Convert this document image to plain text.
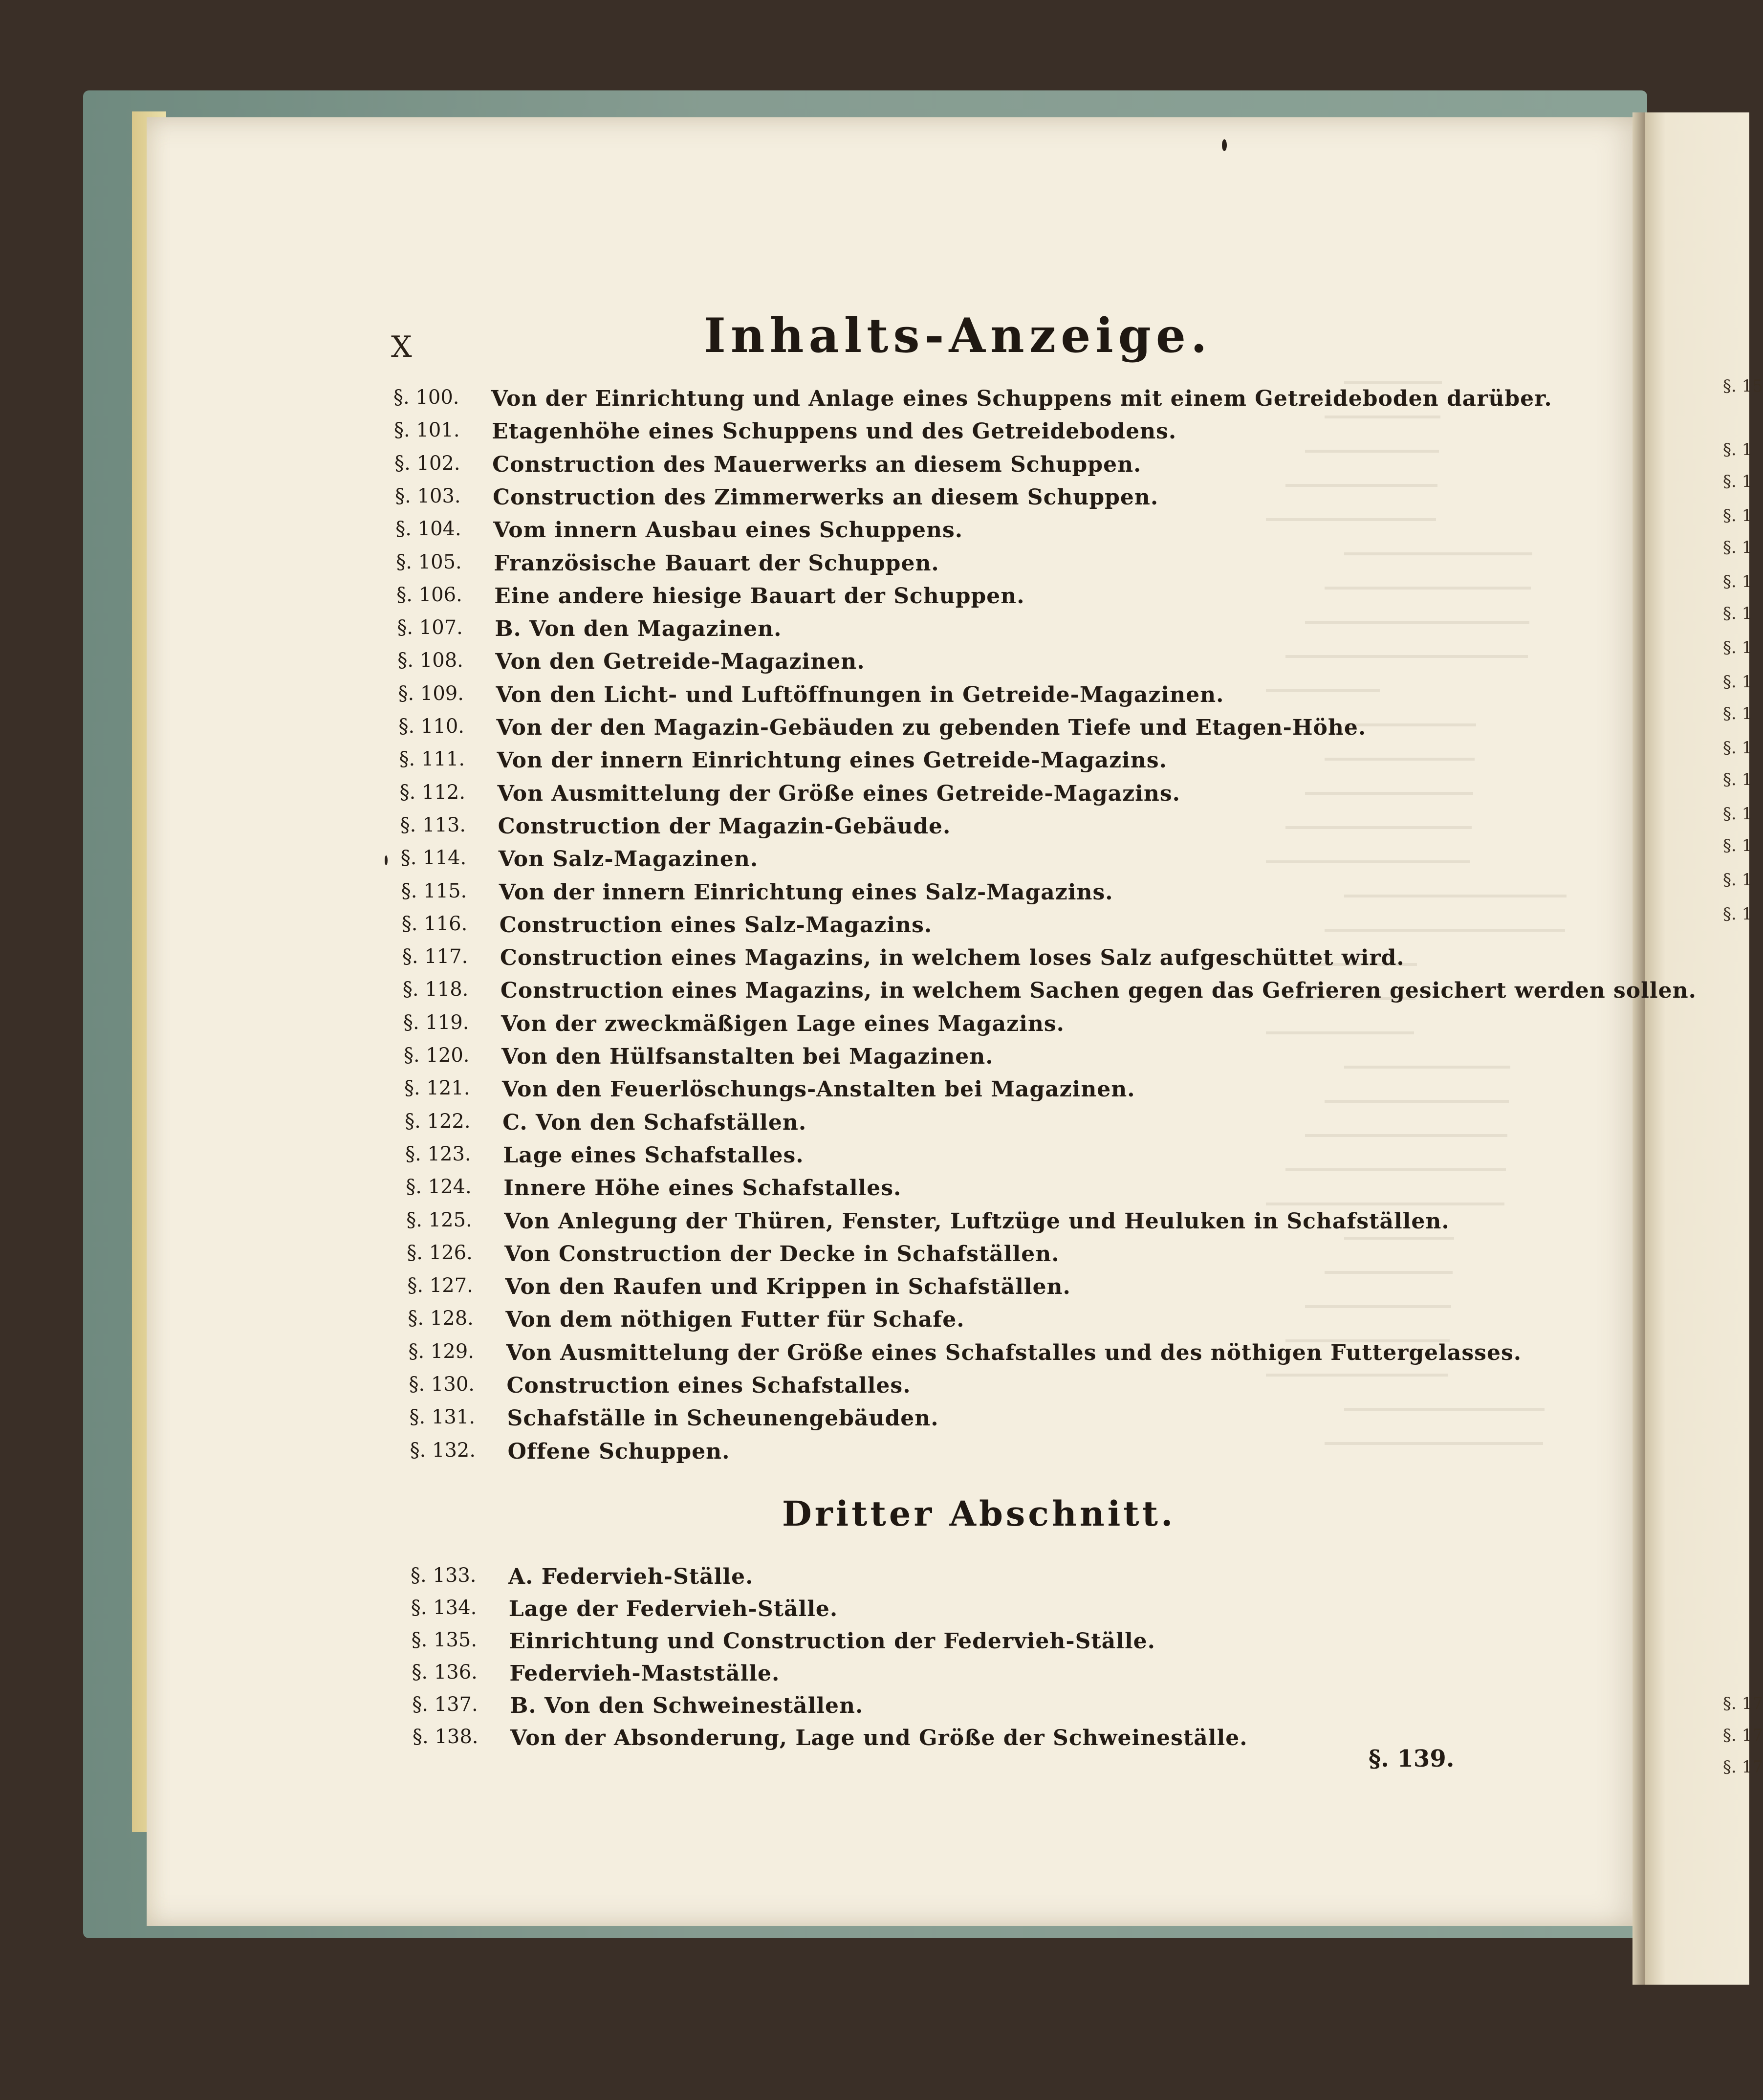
X	Inhalts-Anzeige.
§. 100. Von der Einrichtung und Anlage eines Schuppens mit einem Getreideboden darüber.
§. 101. Etagenhöhe eines Schuppens und des Getreidebodens.
§. 102. Construction des Mauerwerks an diesem Schuppen.
§. 103. Construction des Zimmerwerks an diesem Schuppen.
§. 104. Vom innern Ausbau eines Schuppens.
§. 105. Französische Bauart der Schuppen.
§. 106. Eine andere hiesige Bauart der Schuppen.
§. 107. B. Von den Magazinen.
§. 108. Von den Getreide-Magazinen.
§. 109. Von den Licht- und Luftöffnungen in Getreide-Magazinen.
§. 110. Von der den Magazin-Gebäuden zu gebenden Tiefe und Etagen-Höhe.
§. 111. Von der innern Einrichtung eines Getreide-Magazins.
§. 112. Von Ausmittelung der Größe eines Getreide-Magazins.
§. 113. Construction der Magazin-Gebäude.
§. 114. Von Salz-Magazinen.
§. 115. Von der innern Einrichtung eines Salz-Magazins.
§. 116. Construction eines Salz-Magazins.
§. 117. Construction eines Magazins, in welchem loses Salz aufgeschüttet wird.
§. 118. Construction eines Magazins, in welchem Sachen gegen das Gefrieren gesichert werden sollen.
§. 119. Von der zweckmäßigen Lage eines Magazins.
§. 120. Von den Hülfsanstalten bei Magazinen.
§. 121. Von den Feuerlöschungs-Anstalten bei Magazinen.
§. 122. C. Von den Schafställen.
§. 123. Lage eines Schafstalles.
§. 124. Innere Höhe eines Schafstalles.
§. 125. Von Anlegung der Thüren, Fenster, Luftzüge und Heuluken in Schafställen.
§. 126. Von Construction der Decke in Schafställen.
§. 127. Von den Raufen und Krippen in Schafställen.
§. 128. Von dem nöthigen Futter für Schafe.
§. 129. Von Ausmittelung der Größe eines Schafstalles und des nöthigen Futtergelasses.
§. 130. Construction eines Schafstalles.
§. 131. Schafställe in Scheunengebäuden.
§. 132. Offene Schuppen.
Dritter Abschnitt.
§. 133. A. Federvieh-Ställe.
§. 134. Lage der Federvieh-Ställe.
§. 135. Einrichtung und Construction der Federvieh-Ställe.
§. 136. Federvieh-Mastställe.
§. 137. B. Von den Schweineställen.
§. 138. Von der Absonderung, Lage und Größe der Schweineställe.
§. 139.
§. 15
§. 1
§. 1
§. 1
§. 1
§. 1
§. 1
§. 1
§. 1
§. 1
§. 1
§. 1
§. 1
§. 1
§. 1
§. 1
§. 17
§. 17
§. 17
